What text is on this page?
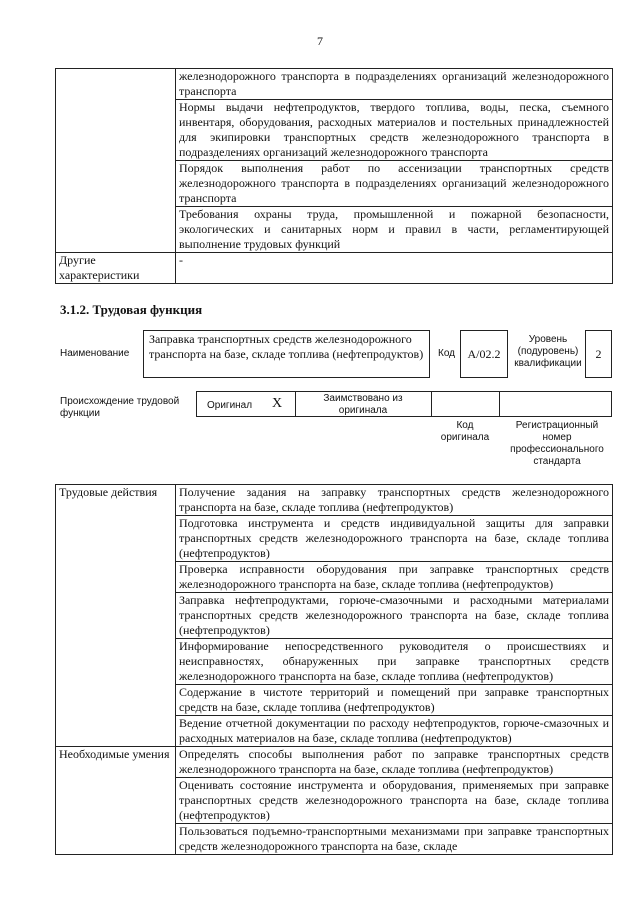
7
	железнодорожного транспорта в подразделениях организаций железнодорожного транспорта
	Нормы выдачи нефтепродуктов, твердого топлива, воды, песка, съемного инвентаря, оборудования, расходных материалов и постельных принадлежностей для экипировки транспортных средств железнодорожного транспорта в подразделениях организаций железнодорожного транспорта
	Порядок выполнения работ по ассенизации транспортных средств железнодорожного транспорта в подразделениях организаций железнодорожного транспорта
	Требования охраны труда, промышленной и пожарной безопасности, экологических и санитарных норм и правил в части, регламентирующей выполнение трудовых функций
Другие характеристики	-
3.1.2. Трудовая функция
Наименование
Заправка транспортных средств железнодорожного транспорта на базе, складе топлива (нефтепродуктов)	Код	А/02.2
Уровень (подуровень) квалификации
2
Происхождение трудовой функции
Оригинал X	Заимствовано из оригинала
Код оригинала
Регистрационный номер профессионального стандарта
Трудовые действия	Получение задания на заправку транспортных средств железнодорожного транспорта на базе, складе топлива (нефтепродуктов)
	Подготовка инструмента и средств индивидуальной защиты для заправки транспортных средств железнодорожного транспорта на базе, складе топлива (нефтепродуктов)
	Проверка исправности оборудования при заправке транспортных средств железнодорожного транспорта на базе, складе топлива (нефтепродуктов)
	Заправка нефтепродуктами, горюче-смазочными и расходными материалами транспортных средств железнодорожного транспорта на базе, складе топлива (нефтепродуктов)
	Информирование непосредственного руководителя о происшествиях и неисправностях, обнаруженных при заправке транспортных средств железнодорожного транспорта на базе, складе топлива (нефтепродуктов)
	Содержание в чистоте территорий и помещений при заправке транспортных средств на базе, складе топлива (нефтепродуктов)
	Ведение отчетной документации по расходу нефтепродуктов, горюче-смазочных и расходных материалов на базе, складе топлива (нефтепродуктов)
Необходимые умения	Определять способы выполнения работ по заправке транспортных средств железнодорожного транспорта на базе, складе топлива (нефтепродуктов)
	Оценивать состояние инструмента и оборудования, применяемых при заправке транспортных средств железнодорожного транспорта на базе, складе топлива (нефтепродуктов)
	Пользоваться подъемно-транспортными механизмами при заправке транспортных средств железнодорожного транспорта на базе, складе
